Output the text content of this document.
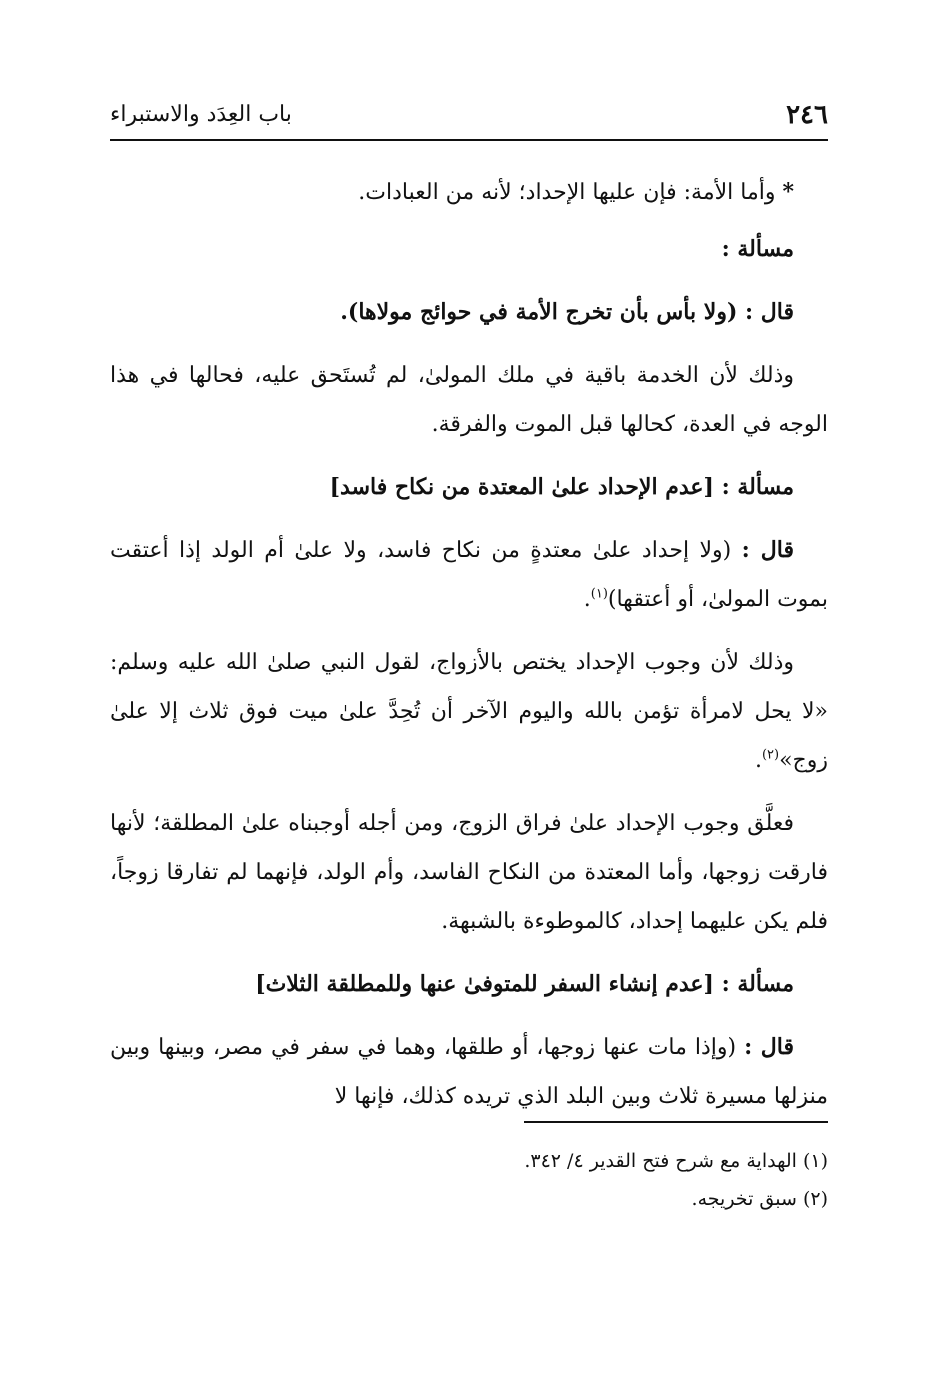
٢٤٦
باب العِدَد والاستبراء

* وأما الأمة: فإن عليها الإحداد؛ لأنه من العبادات.

مسألة :

قال : (ولا بأس بأن تخرج الأمة في حوائج مولاها).

وذلك لأن الخدمة باقية في ملك المولىٰ، لم تُستَحق عليه، فحالها في هذا الوجه في العدة، كحالها قبل الموت والفرقة.

مسألة : [عدم الإحداد علىٰ المعتدة من نكاح فاسد]

قال : (ولا إحداد علىٰ معتدةٍ من نكاح فاسد، ولا علىٰ أم الولد إذا أعتقت بموت المولىٰ، أو أعتقها)$^{(١)}$.

وذلك لأن وجوب الإحداد يختص بالأزواج، لقول النبي صلىٰ الله عليه وسلم: «لا يحل لامرأة تؤمن بالله واليوم الآخر أن تُحِدَّ علىٰ ميت فوق ثلاث إلا علىٰ زوج»$^{(٢)}$.

فعلَّق وجوب الإحداد علىٰ فراق الزوج، ومن أجله أوجبناه علىٰ المطلقة؛ لأنها فارقت زوجها، وأما المعتدة من النكاح الفاسد، وأم الولد، فإنهما لم تفارقا زوجاً، فلم يكن عليهما إحداد، كالموطوءة بالشبهة.

مسألة : [عدم إنشاء السفر للمتوفىٰ عنها وللمطلقة الثلاث]

قال : (وإذا مات عنها زوجها، أو طلقها، وهما في سفر في مصر، وبينها وبين منزلها مسيرة ثلاث وبين البلد الذي تريده كذلك، فإنها لا

(١) الهداية مع شرح فتح القدير ٤/ ٣٤٢.

(٢) سبق تخريجه.
